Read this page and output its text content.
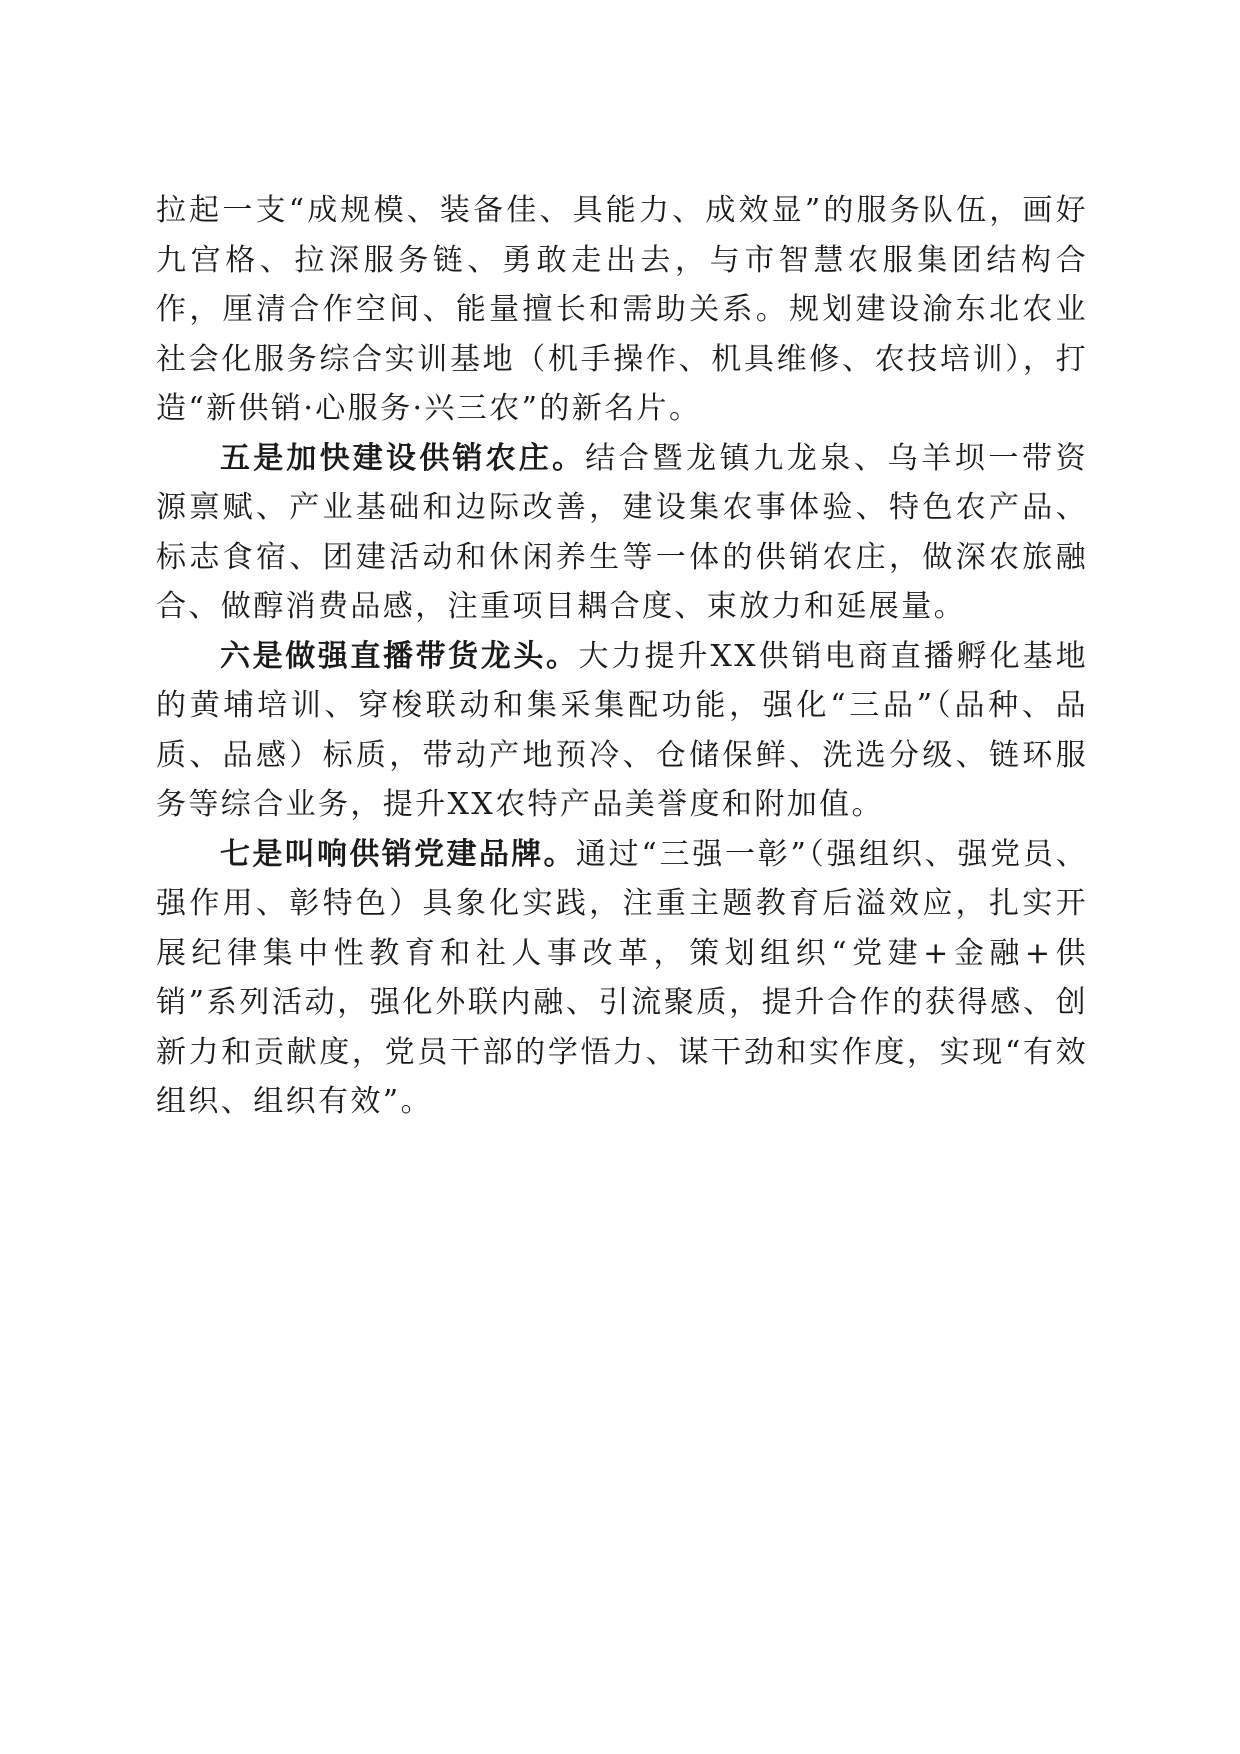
拉起一支“成规模、装备佳、具能力、成效显”的服务队伍，画好九宫格、拉深服务链、勇敢走出去，与市智慧农服集团结构合作，厘清合作空间、能量擅长和需助关系。规划建设渝东北农业社会化服务综合实训基地（机手操作、机具维修、农技培训），打造“新供销·心服务·兴三农”的新名片。

五是加快建设供销农庄。结合暨龙镇九龙泉、乌羊坝一带资源禀赋、产业基础和边际改善，建设集农事体验、特色农产品、标志食宿、团建活动和休闲养生等一体的供销农庄，做深农旅融合、做醇消费品感，注重项目耦合度、束放力和延展量。

六是做强直播带货龙头。大力提升XX供销电商直播孵化基地的黄埔培训、穿梭联动和集采集配功能，强化“三品”（品种、品质、品感）标质，带动产地预冷、仓储保鲜、洗选分级、链环服务等综合业务，提升XX农特产品美誉度和附加值。

七是叫响供销党建品牌。通过“三强一彰”（强组织、强党员、强作用、彰特色）具象化实践，注重主题教育后溢效应，扎实开展纪律集中性教育和社人事改革，策划组织“党建+金融+供销”系列活动，强化外联内融、引流聚质，提升合作的获得感、创新力和贡献度，党员干部的学悟力、谋干劲和实作度，实现“有效组织、组织有效”。
